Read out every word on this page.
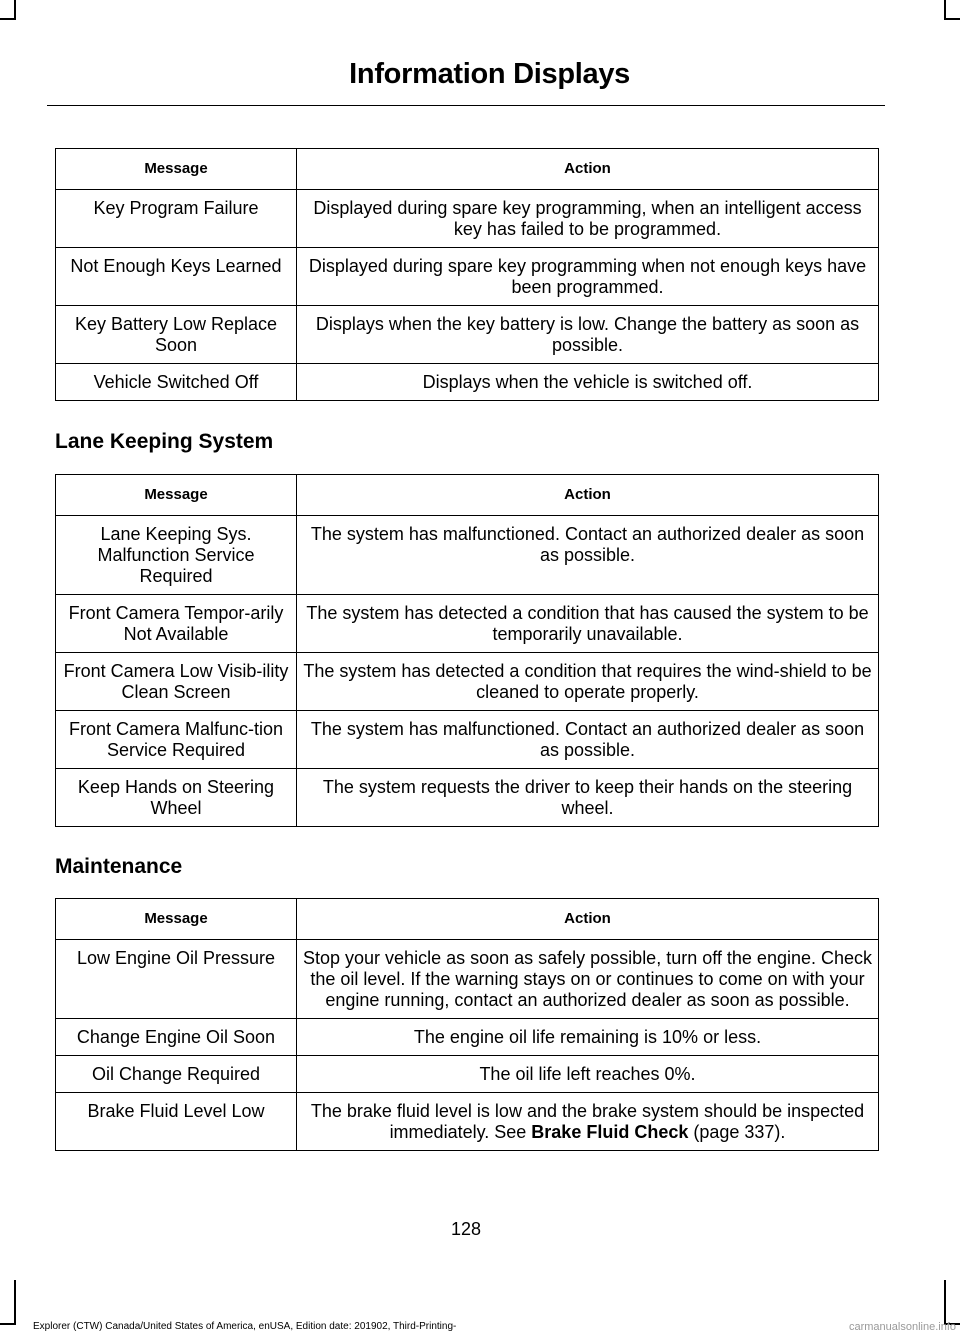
Information Displays
Message	Action
Key Program Failure	Displayed during spare key programming, when an intelligent access key has failed to be programmed.
Not Enough Keys Learned	Displayed during spare key programming when not enough keys have been programmed.
Key Battery Low Replace Soon	Displays when the key battery is low. Change the battery as soon as possible.
Vehicle Switched Off	Displays when the vehicle is switched off.
Lane Keeping System
Message	Action
Lane Keeping Sys. Malfunction Service Required	The system has malfunctioned. Contact an authorized dealer as soon as possible.
Front Camera Tempor-arily Not Available	The system has detected a condition that has caused the system to be temporarily unavailable.
Front Camera Low Visib-ility Clean Screen	The system has detected a condition that requires the wind-shield to be cleaned to operate properly.
Front Camera Malfunc-tion Service Required	The system has malfunctioned. Contact an authorized dealer as soon as possible.
Keep Hands on Steering Wheel	The system requests the driver to keep their hands on the steering wheel.
Maintenance
Message	Action
Low Engine Oil Pressure	Stop your vehicle as soon as safely possible, turn off the engine. Check the oil level. If the warning stays on or continues to come on with your engine running, contact an authorized dealer as soon as possible.
Change Engine Oil Soon	The engine oil life remaining is 10% or less.
Oil Change Required	The oil life left reaches 0%.
Brake Fluid Level Low	The brake fluid level is low and the brake system should be inspected immediately. See Brake Fluid Check (page 337).
128
Explorer (CTW) Canada/United States of America, enUSA, Edition date: 201902, Third-Printing-	carmanualsonline.info
